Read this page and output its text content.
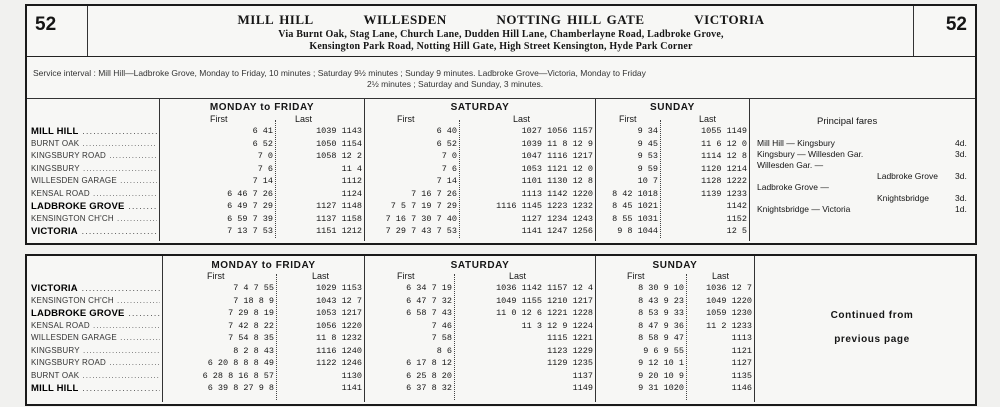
52	52
MILL HILL	WILLESDEN	NOTTING HILL GATE	VICTORIA
Via Burnt Oak, Stag Lane, Church Lane, Dudden Hill Lane, Chamberlayne Road, Ladbroke Grove,
Kensington Park Road, Notting Hill Gate, High Street Kensington, Hyde Park Corner
Service interval : Mill Hill—Ladbroke Grove, Monday to Friday, 10 minutes ; Saturday 9½ minutes ; Sunday 9 minutes. Ladbroke Grove—Victoria, Monday to Friday
2½ minutes ; Saturday and Sunday, 3 minutes.
MONDAY to FRIDAY	SATURDAY	SUNDAY
First	Last	First	Last	First	Last
MILL HILL .....	6 41	1039 1143	6 40	1027 1056 1157	9 34	1055 1149
BURNT OAK .....	6 52	1050 1154	6 52	1039 11 8 12 9	9 45	11 6 12 0
KINGSBURY ROAD .....	7 0	1058 12 2	7 0	1047 1116 1217	9 53	1114 12 8
KINGSBURY .....	7 6	11 4	7 6	1053 1121 12 0	9 59	1120 1214
WILLESDEN GARAGE .....	7 14	1112	7 14	1101 1130 12 8	10 7	1128 1222
KENSAL ROAD .....	6 46 7 26	1124	7 16 7 26	1113 1142 1220	8 42 1018	1139 1233
LADBROKE GROVE .....	6 49 7 29	1127 1148	7 5 7 19 7 29	1116 1145 1223 1232	8 45 1021	1142
KENSINGTON CH'CH .....	6 59 7 39	1137 1158	7 16 7 30 7 40	1127 1234 1243	8 55 1031	1152
VICTORIA .....	7 13 7 53	1151 1212	7 29 7 43 7 53	1141 1247 1256	9 8 1044	12 5
Principal fares
Mill Hill — Kingsbury	4d.
Kingsbury — Willesden Gar.	3d.
Willesden Gar. —
Ladbroke Grove 3d.
Ladbroke Grove —
Knightsbridge	3d.
Knightsbridge — Victoria	1d.
MONDAY to FRIDAY	SATURDAY	SUNDAY
First	Last	First	Last	First	Last
VICTORIA .....	7 4 7 55	1029 1153	6 34 7 19	1036 1142 1157 12 4	8 30 9 10	1036 12 7
KENSINGTON CH'CH .....	7 18 8 9	1043 12 7	6 47 7 32	1049 1155 1210 1217	8 43 9 23	1049 1220
LADBROKE GROVE .....	7 29 8 19	1053 1217	6 58 7 43	11 0 12 6 1221 1228	8 53 9 33	1059 1230
KENSAL ROAD .....	7 42 8 22	1056 1220	7 46	11 3 12 9 1224	8 47 9 36	11 2 1233
WILLESDEN GARAGE .....	7 54 8 35	11 8 1232	7 58	1115 1221	8 58 9 47	1113
KINGSBURY .....	8 2 8 43	1116 1240	8 6	1123 1229	9 6 9 55	1121
KINGSBURY ROAD .....	6 20 8 8 8 49	1122 1246	6 17 8 12	1129 1235	9 12 10 1	1127
BURNT OAK .....	6 28 8 16 8 57	1130	6 25 8 20	1137	9 20 10 9	1135
MILL HILL .....	6 39 8 27 9 8	1141	6 37 8 32	1149	9 31 1020	1146
Continued from
previous page
